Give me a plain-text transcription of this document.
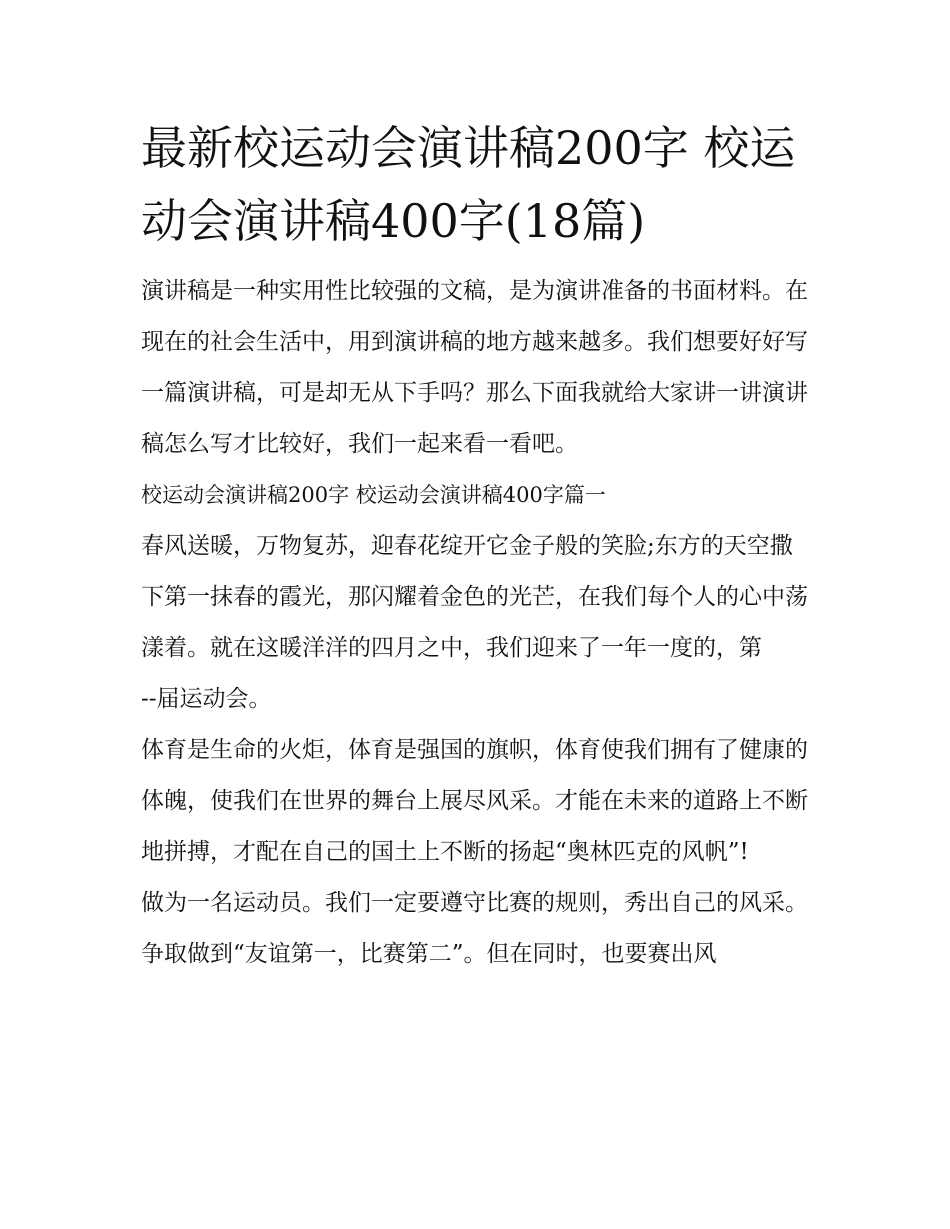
最新校运动会演讲稿200字 校运动会演讲稿400字(18篇)

演讲稿是一种实用性比较强的文稿，是为演讲准备的书面材料。在现在的社会生活中，用到演讲稿的地方越来越多。我们想要好好写一篇演讲稿，可是却无从下手吗？那么下面我就给大家讲一讲演讲稿怎么写才比较好，我们一起来看一看吧。

校运动会演讲稿200字 校运动会演讲稿400字篇一

春风送暖，万物复苏，迎春花绽开它金子般的笑脸;东方的天空撒下第一抹春的霞光，那闪耀着金色的光芒，在我们每个人的心中荡漾着。就在这暖洋洋的四月之中，我们迎来了一年一度的，第

--届运动会。

体育是生命的火炬，体育是强国的旗帜，体育使我们拥有了健康的体魄，使我们在世界的舞台上展尽风采。才能在未来的道路上不断地拼搏，才配在自己的国土上不断的扬起“奥林匹克的风帆”!

做为一名运动员。我们一定要遵守比赛的规则，秀出自己的风采。争取做到“友谊第一，比赛第二”。但在同时，也要赛出风
